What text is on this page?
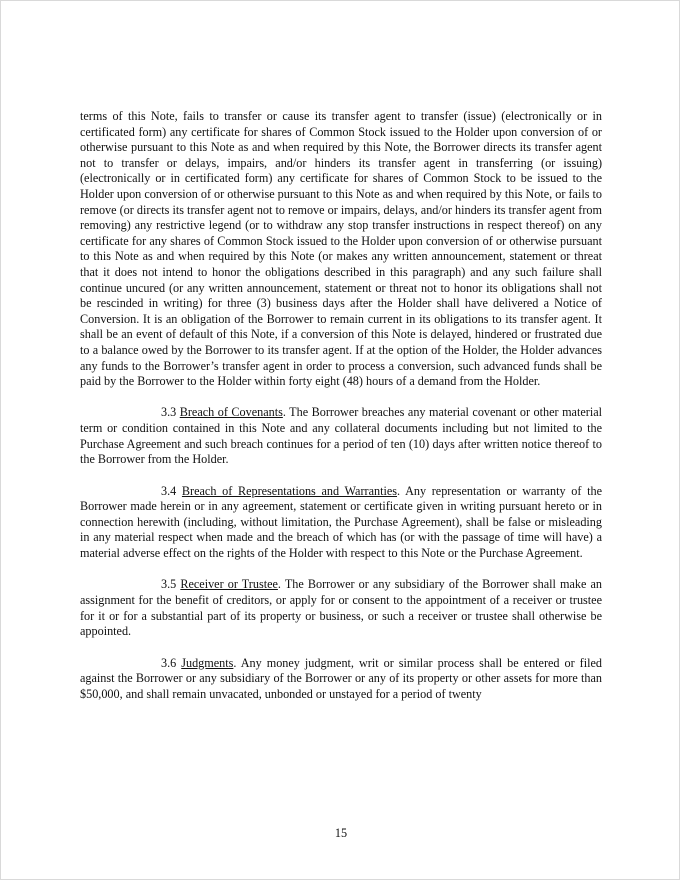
terms of this Note, fails to transfer or cause its transfer agent to transfer (issue) (electronically or in certificated form) any certificate for shares of Common Stock issued to the Holder upon conversion of or otherwise pursuant to this Note as and when required by this Note, the Borrower directs its transfer agent not to transfer or delays, impairs, and/or hinders its transfer agent in transferring (or issuing) (electronically or in certificated form) any certificate for shares of Common Stock to be issued to the Holder upon conversion of or otherwise pursuant to this Note as and when required by this Note, or fails to remove (or directs its transfer agent not to remove or impairs, delays, and/or hinders its transfer agent from removing) any restrictive legend (or to withdraw any stop transfer instructions in respect thereof) on any certificate for any shares of Common Stock issued to the Holder upon conversion of or otherwise pursuant to this Note as and when required by this Note (or makes any written announcement, statement or threat that it does not intend to honor the obligations described in this paragraph) and any such failure shall continue uncured (or any written announcement, statement or threat not to honor its obligations shall not be rescinded in writing) for three (3) business days after the Holder shall have delivered a Notice of Conversion. It is an obligation of the Borrower to remain current in its obligations to its transfer agent. It shall be an event of default of this Note, if a conversion of this Note is delayed, hindered or frustrated due to a balance owed by the Borrower to its transfer agent. If at the option of the Holder, the Holder advances any funds to the Borrower’s transfer agent in order to process a conversion, such advanced funds shall be paid by the Borrower to the Holder within forty eight (48) hours of a demand from the Holder.

3.3 Breach of Covenants. The Borrower breaches any material covenant or other material term or condition contained in this Note and any collateral documents including but not limited to the Purchase Agreement and such breach continues for a period of ten (10) days after written notice thereof to the Borrower from the Holder.

3.4 Breach of Representations and Warranties. Any representation or warranty of the Borrower made herein or in any agreement, statement or certificate given in writing pursuant hereto or in connection herewith (including, without limitation, the Purchase Agreement), shall be false or misleading in any material respect when made and the breach of which has (or with the passage of time will have) a material adverse effect on the rights of the Holder with respect to this Note or the Purchase Agreement.

3.5 Receiver or Trustee. The Borrower or any subsidiary of the Borrower shall make an assignment for the benefit of creditors, or apply for or consent to the appointment of a receiver or trustee for it or for a substantial part of its property or business, or such a receiver or trustee shall otherwise be appointed.

3.6 Judgments. Any money judgment, writ or similar process shall be entered or filed against the Borrower or any subsidiary of the Borrower or any of its property or other assets for more than $50,000, and shall remain unvacated, unbonded or unstayed for a period of twenty

15
